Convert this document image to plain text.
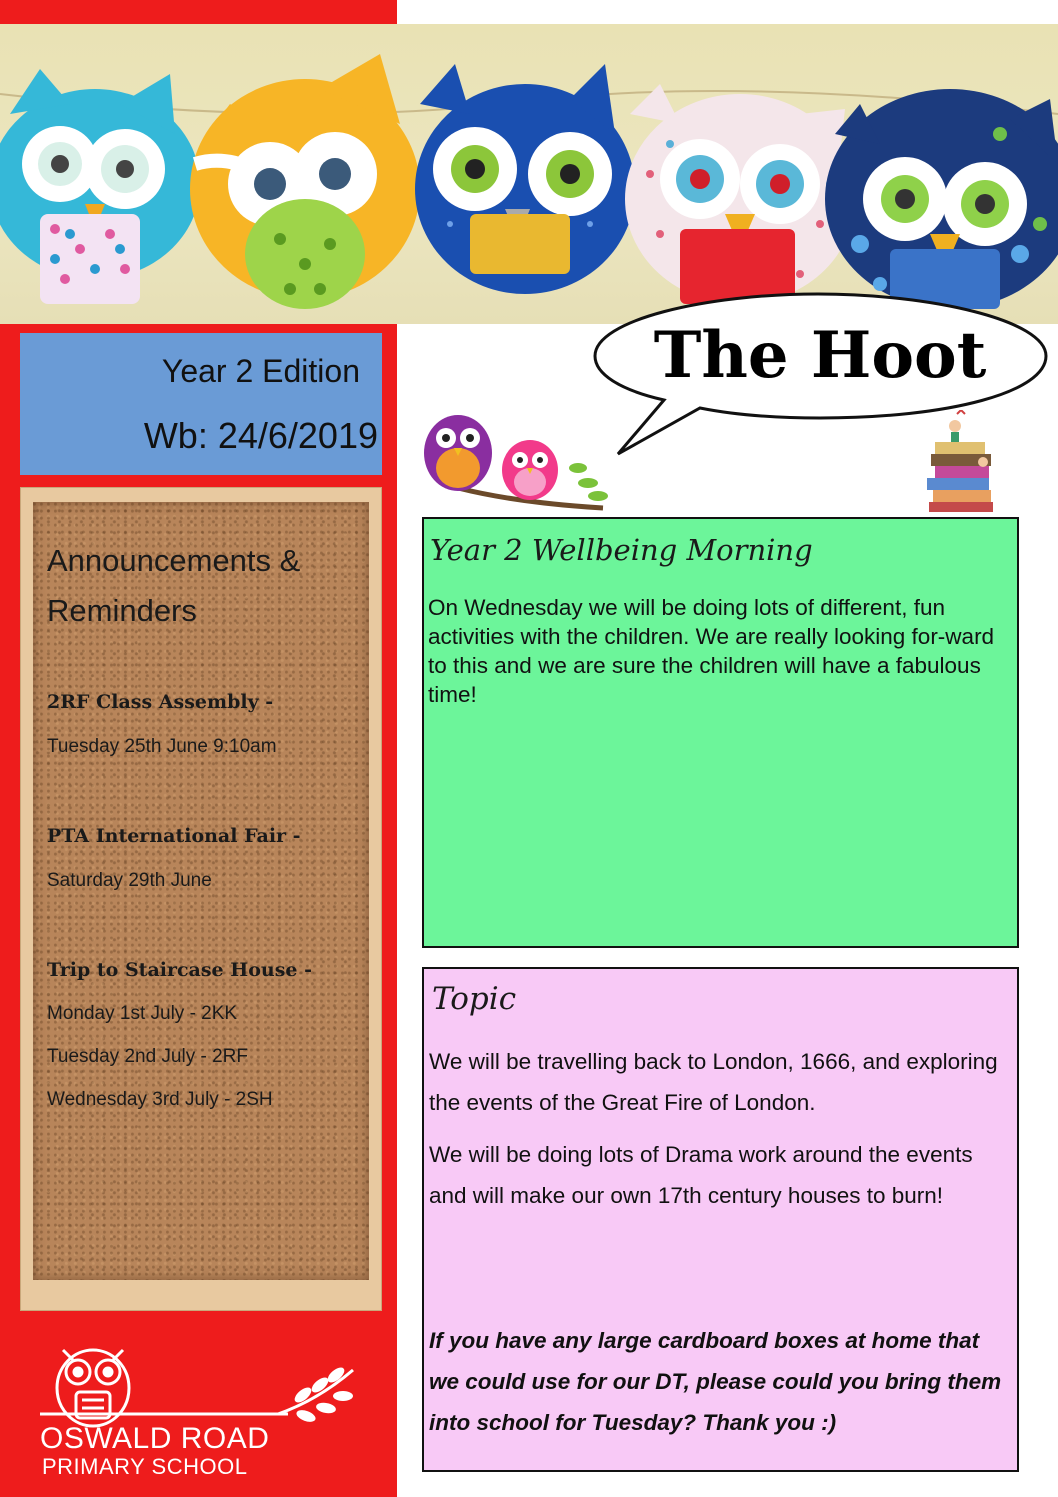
Year 2 Edition
Wb: 24/6/2019
Announcements &
Reminders
2RF Class Assembly -
Tuesday 25th June 9:10am
PTA International Fair -
Saturday 29th June
Trip to Staircase House -
Monday 1st July - 2KK
Tuesday 2nd July - 2RF
Wednesday 3rd July - 2SH
OSWALD ROAD
PRIMARY SCHOOL
The Hoot
Year 2 Wellbeing Morning
On Wednesday we will be doing lots of different, fun activities with the children. We are really looking for-ward to this and we are sure the children will have a fabulous time!
Topic

We will be travelling back to London, 1666, and exploring the events of the Great Fire of London.

We will be doing lots of Drama work around the events and will make our own 17th century houses to burn!

If you have any large cardboard boxes at home that we could use for our DT, please could you bring them into school for Tuesday? Thank you :)
